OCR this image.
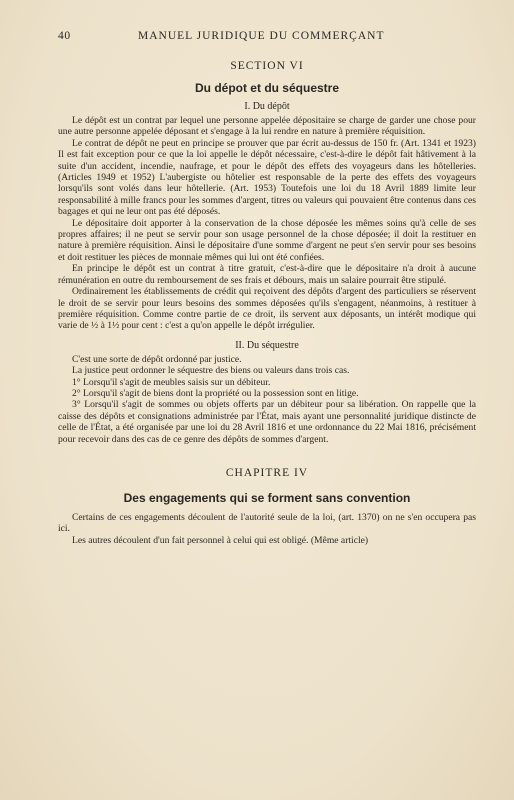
40	MANUEL JURIDIQUE DU COMMERÇANT
SECTION VI
Du dépot et du séquestre
I. Du dépôt

Le dépôt est un contrat par lequel une personne appelée dépositaire se charge de garder une chose pour une autre personne appelée déposant et s'engage à la lui rendre en nature à première réquisition.

Le contrat de dépôt ne peut en principe se prouver que par écrit au-dessus de 150 fr. (Art. 1341 et 1923) Il est fait exception pour ce que la loi appelle le dépôt nécessaire, c'est-à-dire le dépôt fait hâtivement à la suite d'un accident, incendie, naufrage, et pour le dépôt des effets des voyageurs dans les hôtelleries. (Articles 1949 et 1952) L'aubergiste ou hôtelier est responsable de la perte des effets des voyageurs lorsqu'ils sont volés dans leur hôtellerie. (Art. 1953) Toutefois une loi du 18 Avril 1889 limite leur responsabilité à mille francs pour les sommes d'argent, titres ou valeurs qui pouvaient être contenus dans ces bagages et qui ne leur ont pas été déposés.

Le dépositaire doit apporter à la conservation de la chose déposée les mêmes soins qu'à celle de ses propres affaires; il ne peut se servir pour son usage personnel de la chose déposée; il doit la restituer en nature à première réquisition. Ainsi le dépositaire d'une somme d'argent ne peut s'en servir pour ses besoins et doit restituer les pièces de monnaie mêmes qui lui ont été confiées.

En principe le dépôt est un contrat à titre gratuit, c'est-à-dire que le dépositaire n'a droit à aucune rémunération en outre du remboursement de ses frais et débours, mais un salaire pourrait être stipulé.

Ordinairement les établissements de crédit qui reçoivent des dépôts d'argent des particuliers se réservent le droit de se servir pour leurs besoins des sommes déposées qu'ils s'engagent, néanmoins, à restituer à première réquisition. Comme contre partie de ce droit, ils servent aux déposants, un intérêt modique qui varie de ½ à 1½ pour cent : c'est a qu'on appelle le dépôt irrégulier.

II. Du séquestre

C'est une sorte de dépôt ordonné par justice.

La justice peut ordonner le séquestre des biens ou valeurs dans trois cas.

1° Lorsqu'il s'agit de meubles saisis sur un débiteur.

2° Lorsqu'il s'agit de biens dont la propriété ou la possession sont en litige.

3° Lorsqu'il s'agit de sommes ou objets offerts par un débiteur pour sa libération. On rappelle que la caisse des dépôts et consignations administrée par l'État, mais ayant une personnalité juridique distincte de celle de l'État, a été organisée par une loi du 28 Avril 1816 et une ordonnance du 22 Mai 1816, précisément pour recevoir dans des cas de ce genre des dépôts de sommes d'argent.

CHAPITRE IV
Des engagements qui se forment sans convention

Certains de ces engagements découlent de l'autorité seule de la loi, (art. 1370) on ne s'en occupera pas ici.

Les autres découlent d'un fait personnel à celui qui est obligé. (Même article)
